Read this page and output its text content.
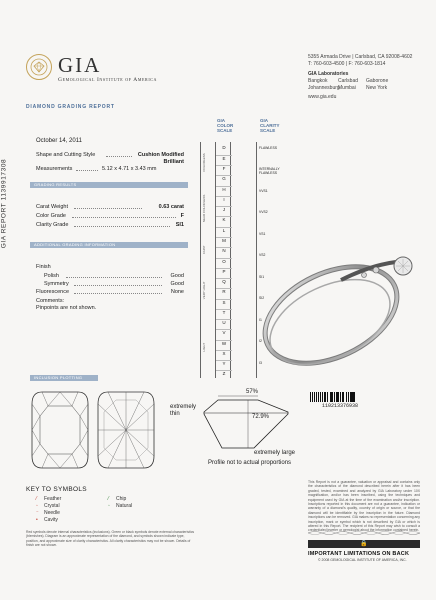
GIA
Gemological Institute of America
DIAMOND GRADING REPORT
GIA REPORT 1139917308
5355 Armada Drive | Carlsbad, CA 92008-4602
T: 760-603-4500 | F: 760-603-1814
GIA Laboratories
Bangkok Carlsbad Gaborone
JohannesburgMumbai New York
www.gia.edu
October 14, 2011
Shape and Cutting Style	Cushion Modified
Brilliant
Measurements	5.12 x 4.71 x 3.43 mm
GRADING RESULTS
Carat Weight	0.63 carat
Color Grade	F
Clarity Grade	SI1
ADDITIONAL GRADING INFORMATION
Finish
Polish	Good
Symmetry	Good
Fluorescence	None
Comments:
Pinpoints are not shown.
INCLUSION PLOTTING
GIA
COLOR
SCALE
GIA
CLARITY
SCALE
COLORLESS
NEAR COLORLESS
FAINT
VERY LIGHT
LIGHT
D
E
F
G
H
I
J
K
L
M
N
O
P
Q
R
S
T
U
V
W
X
Y
Z
FLAWLESS
INTERNALLY FLAWLESS
VVS1
VVS2
VS1
VS2
SI1
SI2
I1
I2
I3
110213376938
57%
72.9%
extremely thin
extremely large
Profile not to actual proportions
KEY TO SYMBOLS
⁄ Feather
◦ Crystal
⁻ Needle
• Cavity
⁄ Chip
◦ Natural
Red symbols denote internal characteristics (inclusions). Green or black symbols denote external characteristics (blemishes). Diagram is an approximate representation of the diamond, and symbols shown indicate type, position, and approximate size of clarity characteristics. All clarity characteristics may not be shown. Details of finish are not shown.
This Report is not a guarantee, valuation or appraisal and contains only the characteristics of the diamond described herein after it has been graded, tested, examined and analyzed by GIA Laboratory under 10X magnification, and/or has been inscribed, using the techniques and equipment used by GIA at the time of the examination and/or inscription. Inscriptions reported in this document are not a guarantee, indication or warranty of a diamond's quality, country of origin or source, or that the diamond will be identifiable by the inscription in the future. Diamond inscriptions can be removed. GIA makes no representation concerning any inscription, mark or symbol which is not described by GIA or which is altered in this Report. The recipient of this Report may wish to consult a credentialed jeweler or gemologist about the information contained herein.
🔒
IMPORTANT LIMITATIONS ON BACK
© 2008 GEMOLOGICAL INSTITUTE OF AMERICA, INC.
